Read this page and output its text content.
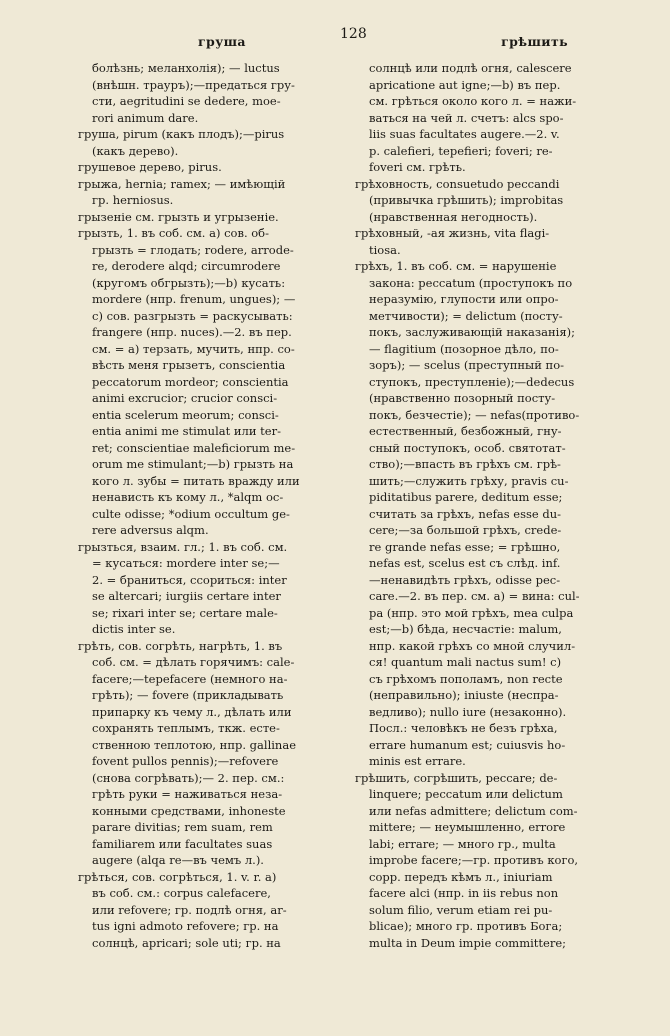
груша	128	грѣшить
болѣзнь; меланхолія); — luctus
(внѣшн. трауръ);—предаться гру-
сти, aegritudini se dedere, moe-
rori animum dare.
груша, pirum (какъ плодъ);—pirus
(какъ дерево).
грушевое дерево, pirus.
грыжа, hernia; ramex; — имѣющій
гр. herniosus.
грызеніе см. грызть и угрызеніе.
грызть, 1. въ соб. см. а) сов. об-
грызть = глодать; rodere, arrode-
re, derodere alqd; circumrodere
(кругомъ обгрызть);—b) кусать:
mordere (нпр. frenum, ungues); —
c) сов. разгрызть = раскусывать:
frangere (нпр. nuces).—2. въ пер.
см. = a) терзать, мучить, нпр. со-
вѣсть меня грызетъ, conscientia
peccatorum mordeor; conscientia
animi excrucior; crucior consci-
entia scelerum meorum; consci-
entia animi me stimulat или ter-
ret; conscientiae maleficiorum me-
orum me stimulant;—b) грызть на
кого л. зубы = питать вражду или
ненависть къ кому л., *alqm oc-
culte odisse; *odium occultum ge-
rere adversus alqm.
грызться, взаим. гл.; 1. въ соб. см.
= кусаться: mordere inter se;—
2. = браниться, ссориться: inter
se altercari; iurgiis certare inter
se; rixari inter se; certare male-
dictis inter se.
грѣть, сов. согрѣть, нагрѣть, 1. въ
соб. см. = дѣлать горячимъ: cale-
facere;—tepefacere (немного на-
грѣть); — fovere (прикладывать
припарку къ чему л., дѣлать или
сохранять теплымъ, ткж. есте-
ственною теплотою, нпр. gallinae
fovent pullos pennis);—refovere
(снова согрѣвать);— 2. пер. см.:
грѣть руки = наживаться неза-
конными средствами, inhoneste
parare divitias; rem suam, rem
familiarem или facultates suas
augere (alqa re—въ чемъ л.).
грѣться, сов. согрѣться, 1. v. r. a)
въ соб. см.: corpus calefacere,
или refovere; гр. подлѣ огня, ar-
tus igni admoto refovere; гр. на
солнцѣ, apricari; sole uti; гр. на
солнцѣ или подлѣ огня, calescere
apricatione aut igne;—b) въ пер.
см. грѣться около кого л. = нажи-
ваться на чей л. счетъ: alcs spo-
liis suas facultates augere.—2. v.
p. calefieri, tepefieri; foveri; re-
foveri см. грѣть.
грѣховность, consuetudo peccandi
(привычка грѣшить); improbitas
(нравственная негодность).
грѣховный, -ая жизнь, vita flagi-
tiosa.
грѣхъ, 1. въ соб. см. = нарушеніе
закона: peccatum (проступокъ по
неразумію, глупости или опро-
метчивости); = delictum (посту-
покъ, заслуживающій наказанія);
— flagitium (позорное дѣло, по-
зоръ); — scelus (преступный по-
ступокъ, преступленіе);—dedecus
(нравственно позорный посту-
покъ, безчестіе); — nefas(противо-
естественный, безбожный, гну-
сный поступокъ, особ. святотат-
ство);—впасть въ грѣхъ см. грѣ-
шить;—служить грѣху, pravis cu-
piditatibus parere, deditum esse;
считать за грѣхъ, nefas esse du-
cere;—за большой грѣхъ, crede-
re grande nefas esse; = грѣшно,
nefas est, scelus est съ слѣд. inf.
—ненавидѣть грѣхъ, odisse pec-
care.—2. въ пер. см. a) = вина: cul-
pa (нпр. это мой грѣхъ, mea culpa
est;—b) бѣда, несчастіе: malum,
нпр. какой грѣхъ со мной случил-
ся! quantum mali nactus sum! c)
съ грѣхомъ пополамъ, non recte
(неправильно); iniuste (неспра-
ведливо); nullo iure (незаконно).
Посл.: человѣкъ не безъ грѣха,
errare humanum est; cuiusvis ho-
minis est errare.
грѣшить, согрѣшить, peccare; de-
linquere; peccatum или delictum
или nefas admittere; delictum com-
mittere; — неумышленно, errore
labi; errare; — много гр., multa
improbe facere;—гр. противъ кого,
сорр. передъ кѣмъ л., iniuriam
facere alci (нпр. in iis rebus non
solum filio, verum etiam rei pu-
blicae); много гр. противъ Бога;
multa in Deum impie committere;
